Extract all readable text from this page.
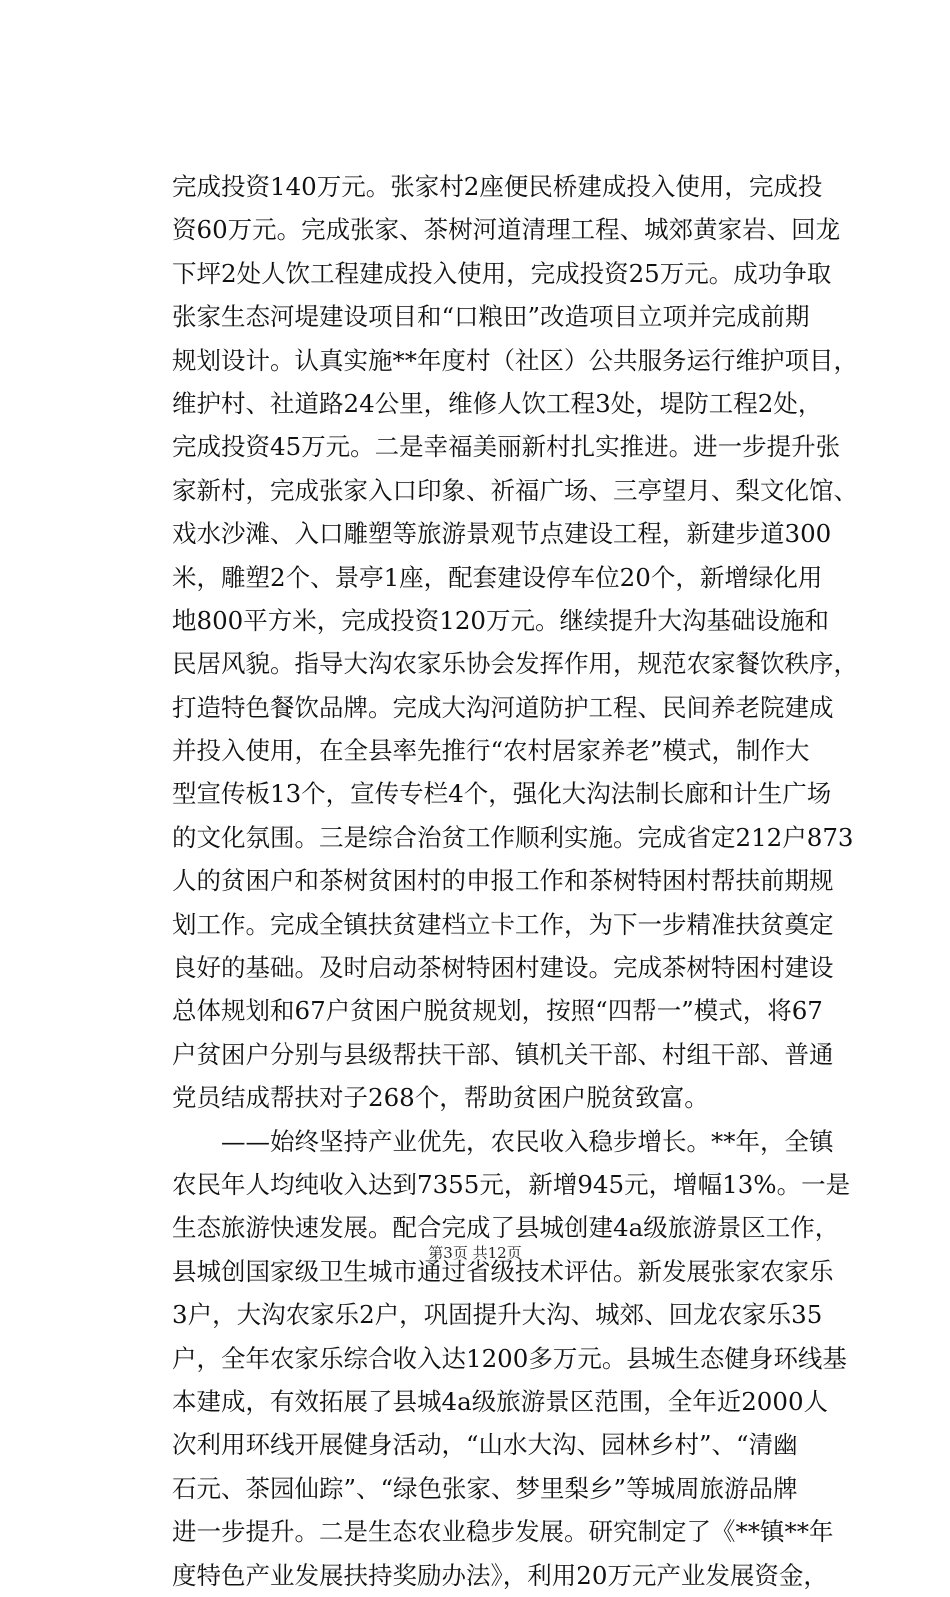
完成投资140万元。张家村2座便民桥建成投入使用，完成投
资60万元。完成张家、茶树河道清理工程、城郊黄家岩、回龙
下坪2处人饮工程建成投入使用，完成投资25万元。成功争取
张家生态河堤建设项目和“口粮田”改造项目立项并完成前期
规划设计。认真实施**年度村（社区）公共服务运行维护项目，
维护村、社道路24公里，维修人饮工程3处，堤防工程2处，
完成投资45万元。二是幸福美丽新村扎实推进。进一步提升张
家新村，完成张家入口印象、祈福广场、三亭望月、梨文化馆、
戏水沙滩、入口雕塑等旅游景观节点建设工程，新建步道300
米，雕塑2个、景亭1座，配套建设停车位20个，新增绿化用
地800平方米，完成投资120万元。继续提升大沟基础设施和
民居风貌。指导大沟农家乐协会发挥作用，规范农家餐饮秩序，
打造特色餐饮品牌。完成大沟河道防护工程、民间养老院建成
并投入使用，在全县率先推行“农村居家养老”模式，制作大
型宣传板13个，宣传专栏4个，强化大沟法制长廊和计生广场
的文化氛围。三是综合治贫工作顺利实施。完成省定212户873
人的贫困户和茶树贫困村的申报工作和茶树特困村帮扶前期规
划工作。完成全镇扶贫建档立卡工作，为下一步精准扶贫奠定
良好的基础。及时启动茶树特困村建设。完成茶树特困村建设
总体规划和67户贫困户脱贫规划，按照“四帮一”模式，将67
户贫困户分别与县级帮扶干部、镇机关干部、村组干部、普通
党员结成帮扶对子268个，帮助贫困户脱贫致富。
　　——始终坚持产业优先，农民收入稳步增长。**年，全镇
农民年人均纯收入达到7355元，新增945元，增幅13%。一是
生态旅游快速发展。配合完成了县城创建4a级旅游景区工作，
县城创国家级卫生城市通过省级技术评估。新发展张家农家乐
3户，大沟农家乐2户，巩固提升大沟、城郊、回龙农家乐35
户，全年农家乐综合收入达1200多万元。县城生态健身环线基
本建成，有效拓展了县城4a级旅游景区范围，全年近2000人
次利用环线开展健身活动，“山水大沟、园林乡村”、“清幽
石元、茶园仙踪”、“绿色张家、梦里梨乡”等城周旅游品牌
进一步提升。二是生态农业稳步发展。研究制定了《**镇**年
度特色产业发展扶持奖励办法》，利用20万元产业发展资金，
第3页 共12页
